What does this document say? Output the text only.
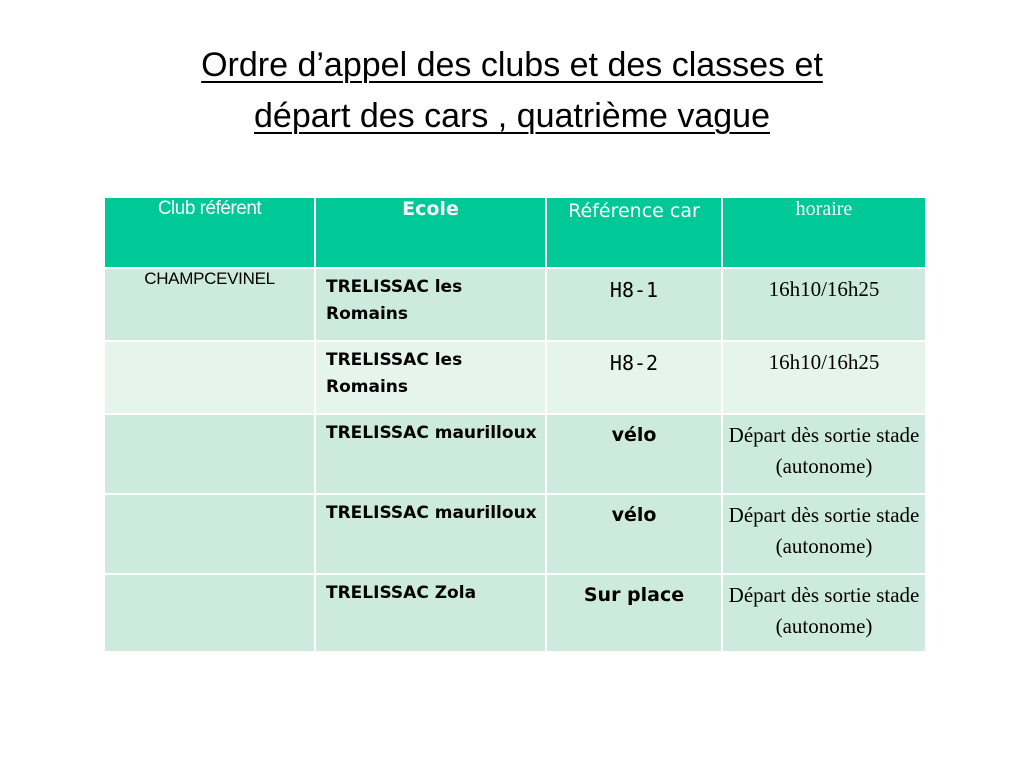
Ordre d’appel des clubs et des classes et
départ des cars , quatrième vague
Club référent	Ecole	Référence car	horaire
CHAMPCEVINEL	TRELISSAC les Romains	H8-1	16h10/16h25
	TRELISSAC les Romains	H8-2	16h10/16h25
	TRELISSAC maurilloux	vélo	Départ dès sortie stade (autonome)
	TRELISSAC maurilloux	vélo	Départ dès sortie stade (autonome)
	TRELISSAC Zola	Sur place	Départ dès sortie stade (autonome)
